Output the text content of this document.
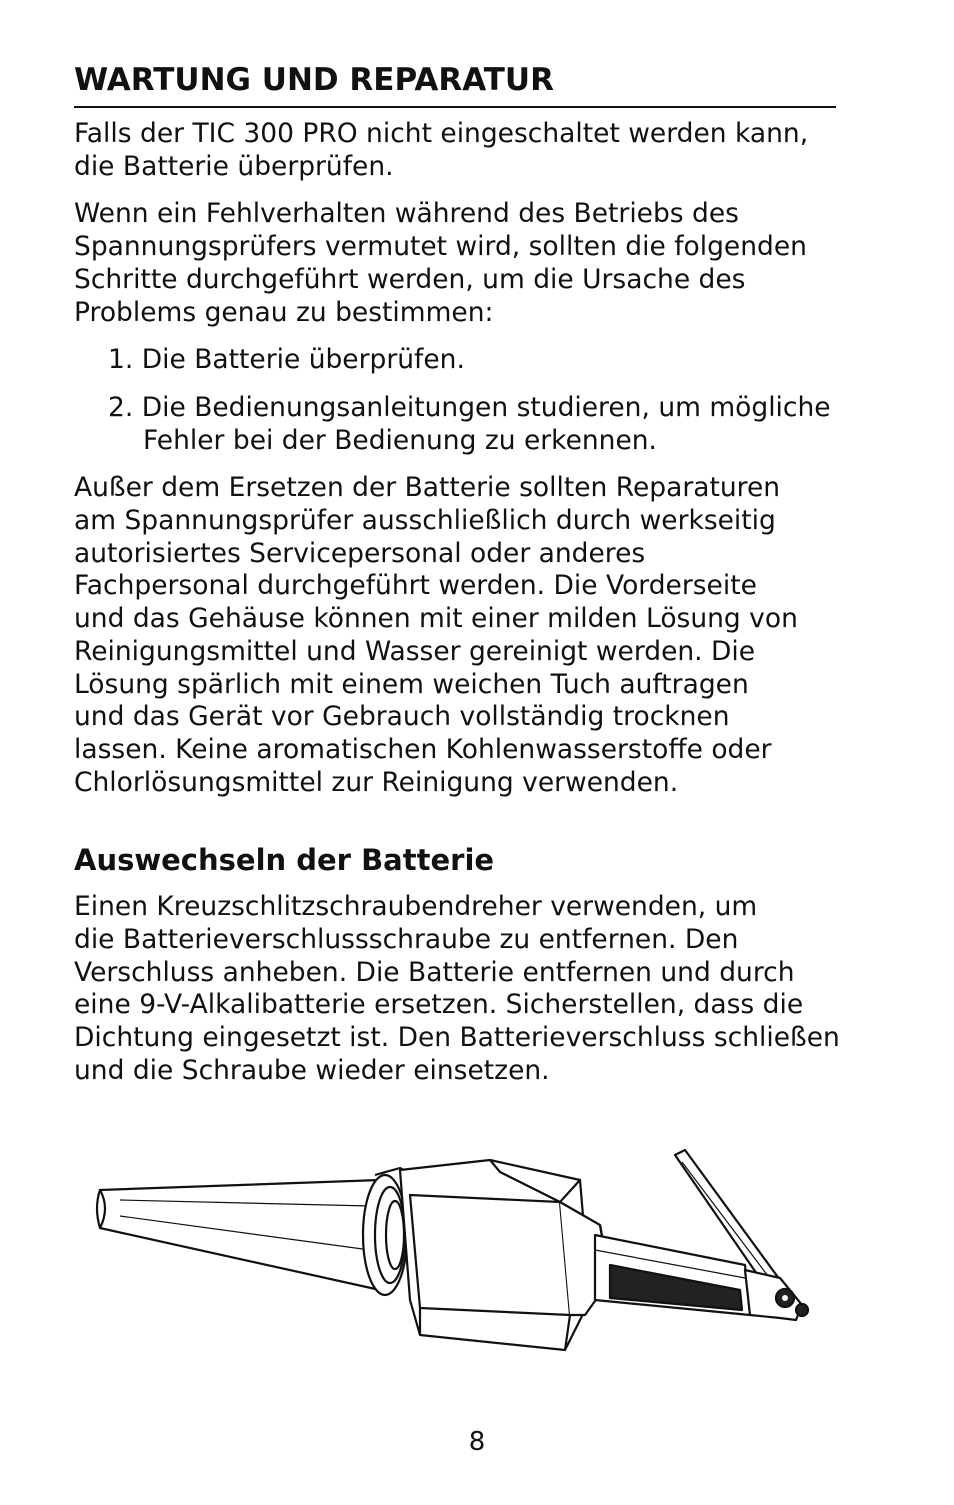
WARTUNG UND REPARATUR

Falls der TIC 300 PRO nicht eingeschaltet werden kann,
die Batterie überprüfen.

Wenn ein Fehlverhalten während des Betriebs des
Spannungsprüfers vermutet wird, sollten die folgenden
Schritte durchgeführt werden, um die Ursache des
Problems genau zu bestimmen:

1. Die Batterie überprüfen.
2. Die Bedienungsanleitungen studieren, um mögliche
Fehler bei der Bedienung zu erkennen.

Außer dem Ersetzen der Batterie sollten Reparaturen
am Spannungsprüfer ausschließlich durch werkseitig
autorisiertes Servicepersonal oder anderes
Fachpersonal durchgeführt werden. Die Vorderseite
und das Gehäuse können mit einer milden Lösung von
Reinigungsmittel und Wasser gereinigt werden. Die
Lösung spärlich mit einem weichen Tuch auftragen
und das Gerät vor Gebrauch vollständig trocknen
lassen. Keine aromatischen Kohlenwasserstoffe oder
Chlorlösungsmittel zur Reinigung verwenden.

Auswechseln der Batterie

Einen Kreuzschlitzschraubendreher verwenden, um
die Batterieverschlussschraube zu entfernen. Den
Verschluss anheben. Die Batterie entfernen und durch
eine 9-V-Alkalibatterie ersetzen. Sicherstellen, dass die
Dichtung eingesetzt ist. Den Batterieverschluss schließen
und die Schraube wieder einsetzen.

8
